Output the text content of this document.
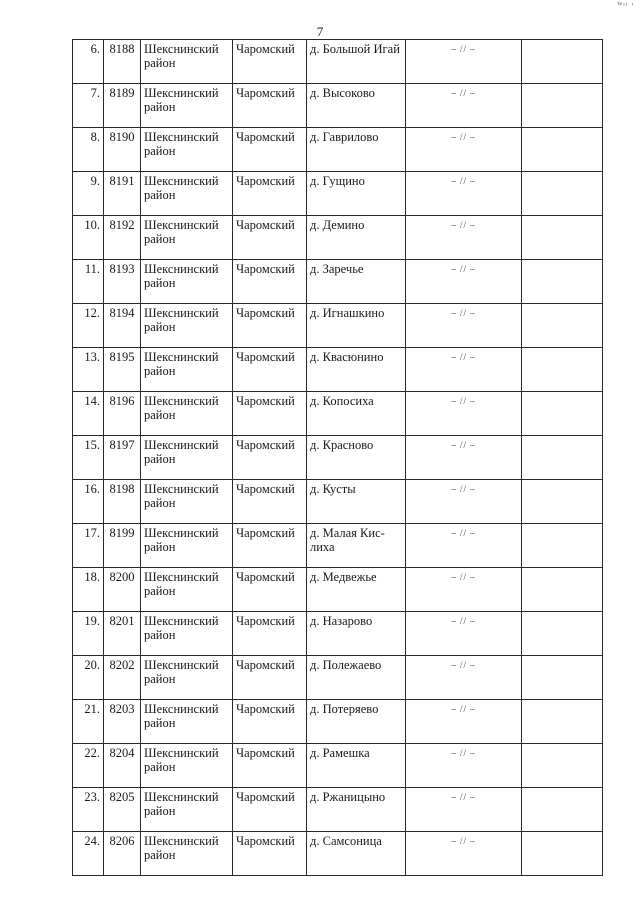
ᵂᶦᶦ ᶦ
7
6.	8188	Шекснинский район	Чаромский	д. Большой Игай	– // –	
7.	8189	Шекснинский район	Чаромский	д. Высоково	– // –	
8.	8190	Шекснинский район	Чаромский	д. Гаврилово	– // –	
9.	8191	Шекснинский район	Чаромский	д. Гущино	– // –	
10.	8192	Шекснинский район	Чаромский	д. Демино	– // –	
11.	8193	Шекснинский район	Чаромский	д. Заречье	– // –	
12.	8194	Шекснинский район	Чаромский	д. Игнашкино	– // –	
13.	8195	Шекснинский район	Чаромский	д. Квасюнино	– // –	
14.	8196	Шекснинский район	Чаромский	д. Копосиха	– // –	
15.	8197	Шекснинский район	Чаромский	д. Красново	– // –	
16.	8198	Шекснинский район	Чаромский	д. Кусты	– // –	
17.	8199	Шекснинский район	Чаромский	д. Малая Кис-лиха	– // –	
18.	8200	Шекснинский район	Чаромский	д. Медвежье	– // –	
19.	8201	Шекснинский район	Чаромский	д. Назарово	– // –	
20.	8202	Шекснинский район	Чаромский	д. Полежаево	– // –	
21.	8203	Шекснинский район	Чаромский	д. Потеряево	– // –	
22.	8204	Шекснинский район	Чаромский	д. Рамешка	– // –	
23.	8205	Шекснинский район	Чаромский	д. Ржаницыно	– // –	
24.	8206	Шекснинский район	Чаромский	д. Самсоница	– // –	
